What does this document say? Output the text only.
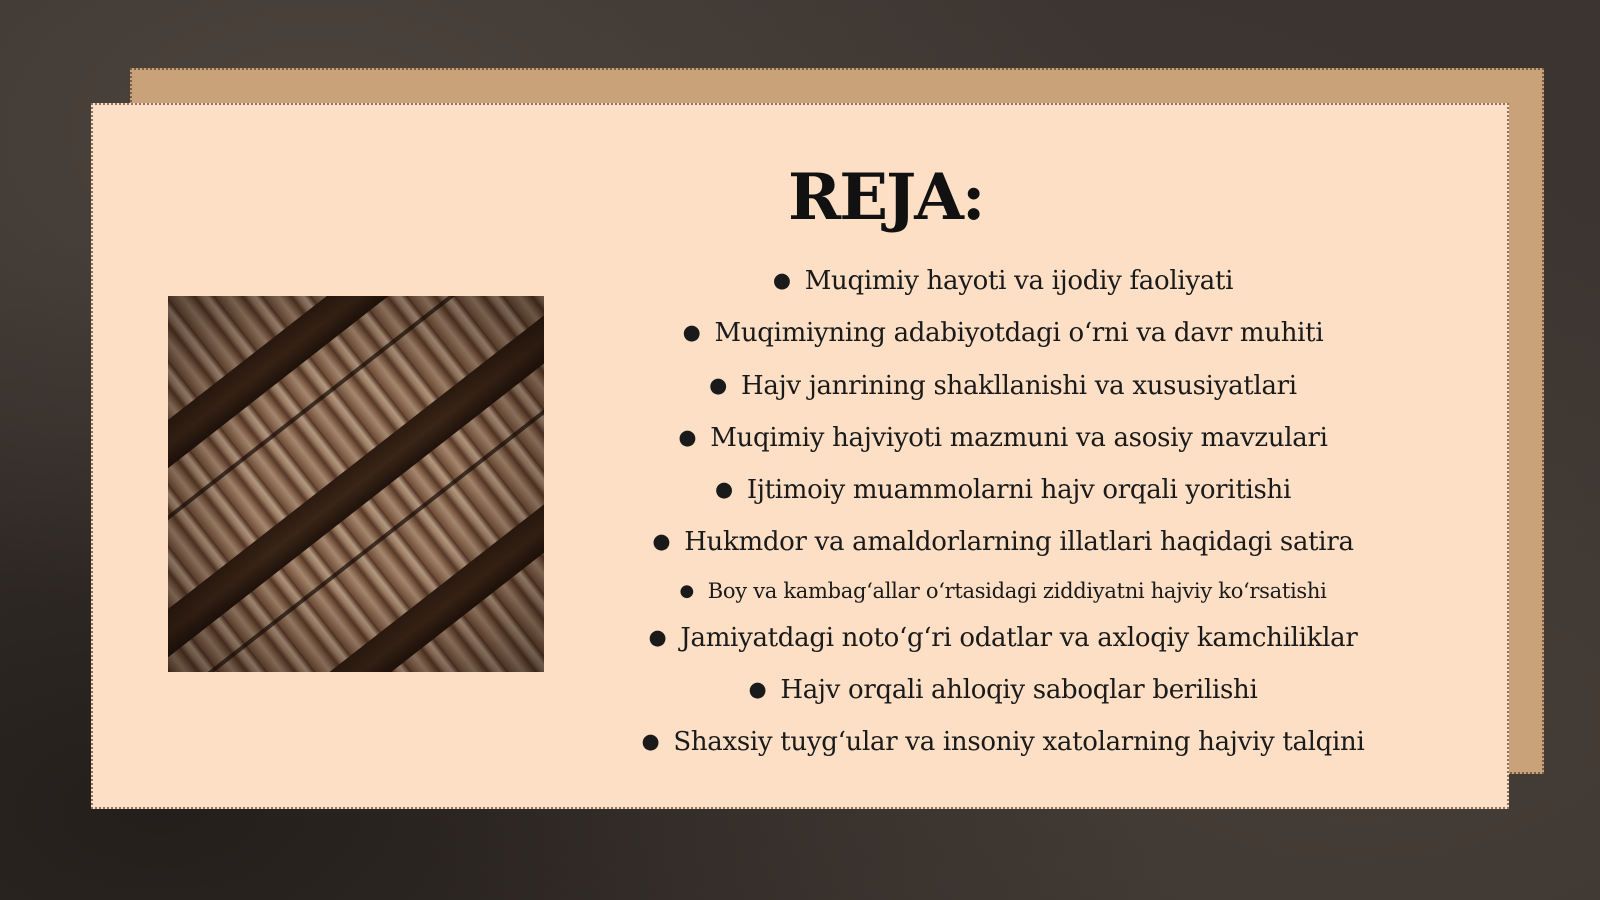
REJA:
● Muqimiy hayoti va ijodiy faoliyati
● Muqimiyning adabiyotdagi o‘rni va davr muhiti
● Hajv janrining shakllanishi va xususiyatlari
● Muqimiy hajviyoti mazmuni va asosiy mavzulari
● Ijtimoiy muammolarni hajv orqali yoritishi
● Hukmdor va amaldorlarning illatlari haqidagi satira
● Boy va kambag‘allar o‘rtasidagi ziddiyatni hajviy ko‘rsatishi
● Jamiyatdagi noto‘g‘ri odatlar va axloqiy kamchiliklar
● Hajv orqali ahloqiy saboqlar berilishi
● Shaxsiy tuyg‘ular va insoniy xatolarning hajviy talqini
